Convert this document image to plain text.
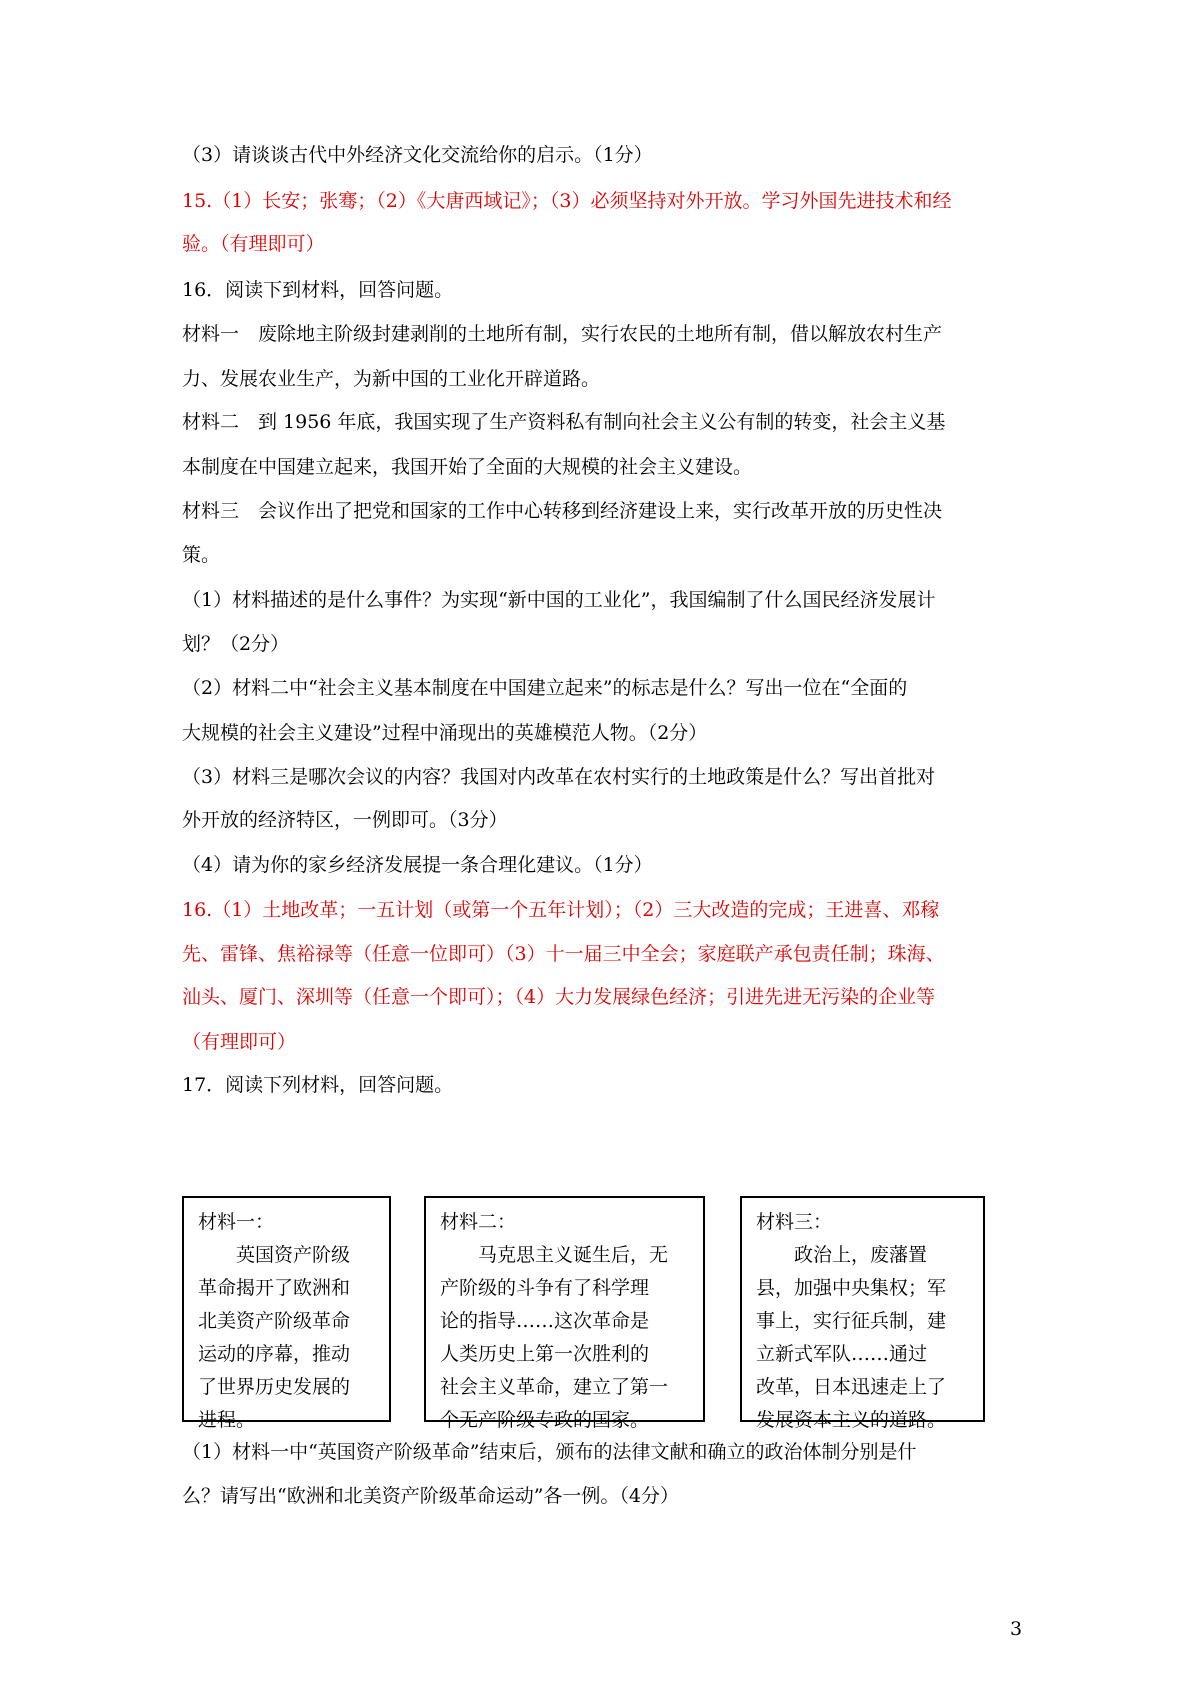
（3）请谈谈古代中外经济文化交流给你的启示。（1分）
15.（1）长安；张骞；（2）《大唐西域记》；（3）必须坚持对外开放。学习外国先进技术和经
验。（有理即可）
16．阅读下到材料，回答问题。
材料一　废除地主阶级封建剥削的土地所有制，实行农民的土地所有制，借以解放农村生产
力、发展农业生产，为新中国的工业化开辟道路。
材料二　到 1956 年底，我国实现了生产资料私有制向社会主义公有制的转变，社会主义基
本制度在中国建立起来，我国开始了全面的大规模的社会主义建设。
材料三　会议作出了把党和国家的工作中心转移到经济建设上来，实行改革开放的历史性决
策。
（1）材料描述的是什么事件？为实现“新中国的工业化”，我国编制了什么国民经济发展计
划？（2分）
（2）材料二中“社会主义基本制度在中国建立起来”的标志是什么？写出一位在“全面的
大规模的社会主义建设”过程中涌现出的英雄模范人物。（2分）
（3）材料三是哪次会议的内容？我国对内改革在农村实行的土地政策是什么？写出首批对
外开放的经济特区，一例即可。（3分）
（4）请为你的家乡经济发展提一条合理化建议。（1分）
16.（1）土地改革；一五计划（或第一个五年计划）；（2）三大改造的完成；王进喜、邓稼
先、雷锋、焦裕禄等（任意一位即可）（3）十一届三中全会；家庭联产承包责任制；珠海、
汕头、厦门、深圳等（任意一个即可）；（4）大力发展绿色经济；引进先进无污染的企业等
（有理即可）
17．阅读下列材料，回答问题。
材料一：
　　英国资产阶级
革命揭开了欧洲和
北美资产阶级革命
运动的序幕，推动
了世界历史发展的
进程。
材料二：
　　马克思主义诞生后，无
产阶级的斗争有了科学理
论的指导……这次革命是
人类历史上第一次胜利的
社会主义革命，建立了第一
个无产阶级专政的国家。
材料三：
　　政治上，废藩置
县，加强中央集权；军
事上，实行征兵制，建
立新式军队……通过
改革，日本迅速走上了
发展资本主义的道路。
（1）材料一中“英国资产阶级革命”结束后，颁布的法律文献和确立的政治体制分别是什
么？请写出“欧洲和北美资产阶级革命运动”各一例。（4分）
3
